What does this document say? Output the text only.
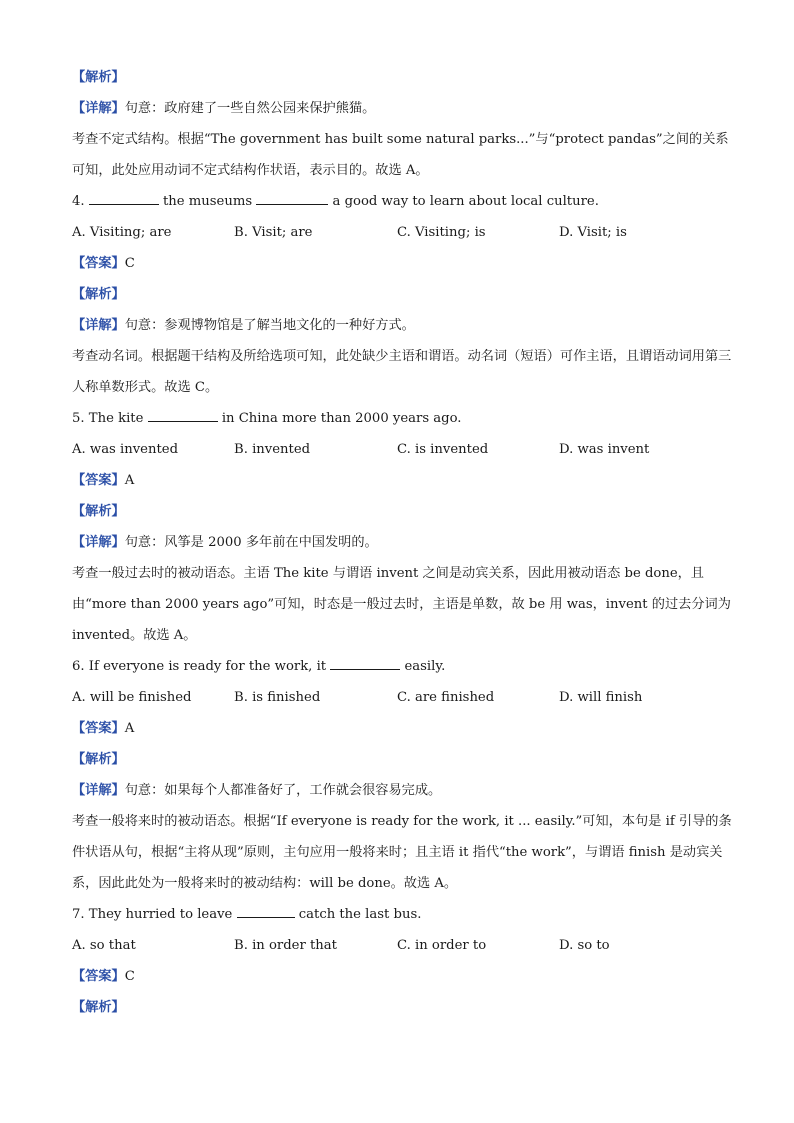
【解析】
【详解】句意：政府建了一些自然公园来保护熊猫。
考查不定式结构。根据“The government has built some natural parks...”与“protect pandas”之间的关系可知，此处应用动词不定式结构作状语，表示目的。故选 A。
4.	the museums	a good way to learn about local culture.
A. Visiting; are	B. Visit; are	C. Visiting; is	D. Visit; is
【答案】C
【解析】
【详解】句意：参观博物馆是了解当地文化的一种好方式。
考查动名词。根据题干结构及所给选项可知，此处缺少主语和谓语。动名词（短语）可作主语，且谓语动词用第三人称单数形式。故选 C。
5. The kite	in China more than 2000 years ago.
A. was invented	B. invented	C. is invented	D. was invent
【答案】A
【解析】
【详解】句意：风筝是 2000 多年前在中国发明的。
考查一般过去时的被动语态。主语 The kite 与谓语 invent 之间是动宾关系，因此用被动语态 be done，且由“more than 2000 years ago”可知，时态是一般过去时，主语是单数，故 be 用 was，invent 的过去分词为 invented。故选 A。
6. If everyone is ready for the work, it	easily.
A. will be finished	B. is finished	C. are finished	D. will finish
【答案】A
【解析】
【详解】句意：如果每个人都准备好了，工作就会很容易完成。
考查一般将来时的被动语态。根据“If everyone is ready for the work, it ... easily.”可知，本句是 if 引导的条件状语从句，根据“主将从现”原则，主句应用一般将来时；且主语 it 指代“the work”，与谓语 finish 是动宾关系，因此此处为一般将来时的被动结构：will be done。故选 A。
7. They hurried to leave	catch the last bus.
A. so that	B. in order that	C. in order to	D. so to
【答案】C
【解析】
